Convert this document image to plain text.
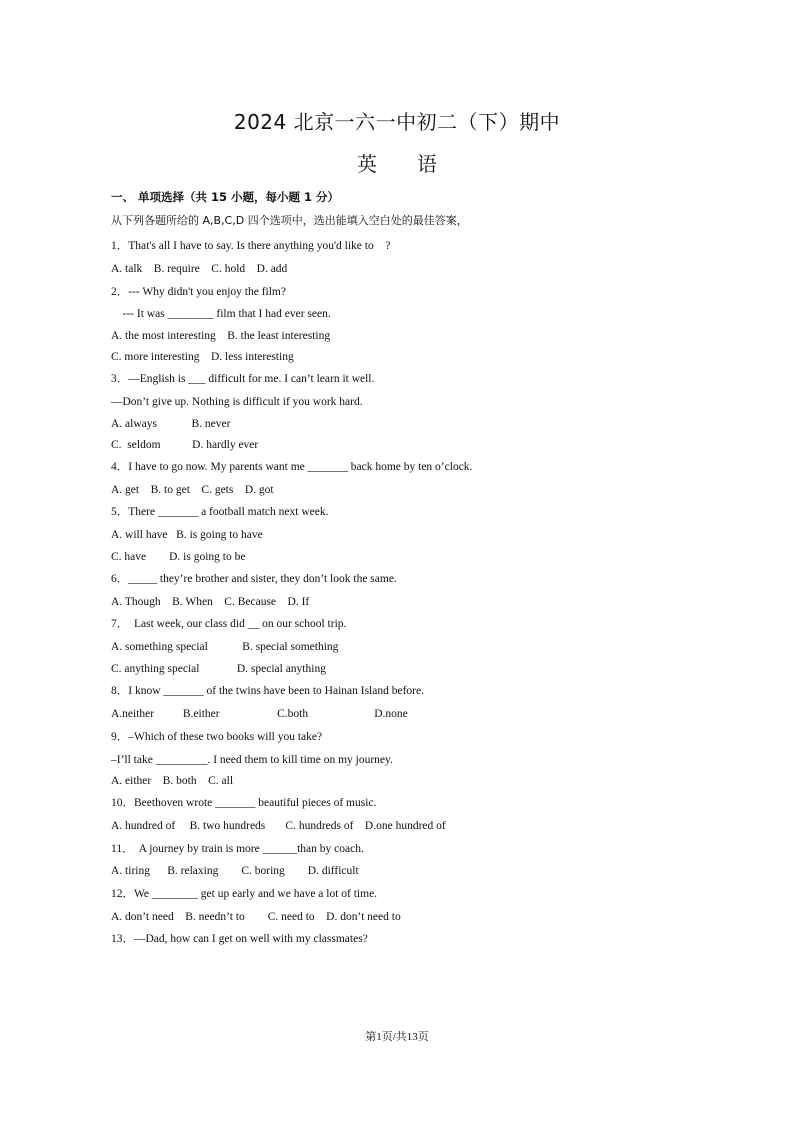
2024 北京一六一中初二（下）期中
英语
一、 单项选择（共 15 小题，每小题 1 分）
从下列各题所给的 A,B,C,D 四个选项中，选出能填入空白处的最佳答案，
1．That's all I have to say. Is there anything you'd like to    ?
A. talk    B. require    C. hold    D. add
2．--- Why didn't you enjoy the film?
--- It was ________ film that I had ever seen.
A. the most interesting    B. the least interesting
C. more interesting    D. less interesting
3．—English is ___ difficult for me. I can’t learn it well.
—Don’t give up. Nothing is difficult if you work hard.
A. always            B. never
C.  seldom           D. hardly ever
4．I have to go now. My parents want me _______ back home by ten o’clock.
A. get    B. to get    C. gets    D. got
5．There _______ a football match next week.
A. will have   B. is going to have
C. have        D. is going to be
6．_____ they’re brother and sister, they don’t look the same.
A. Though    B. When    C. Because    D. If
7．  Last week, our class did __ on our school trip.
A. something special            B. special something
C. anything special             D. special anything
8．I know _______ of the twins have been to Hainan Island before.
A.neither          B.either                    C.both                       D.none
9．–Which of these two books will you take?
–I’ll take _________. I need them to kill time on my journey.
A. either    B. both    C. all
10．Beethoven wrote _______ beautiful pieces of music.
A. hundred of     B. two hundreds       C. hundreds of    D.one hundred of
11．  A journey by train is more ______than by coach.
A. tiring      B. relaxing        C. boring        D. difficult
12．We ________ get up early and we have a lot of time.
A. don’t need    B. needn’t to        C. need to    D. don’t need to
13．—Dad, how can I get on well with my classmates?
第1页/共13页
